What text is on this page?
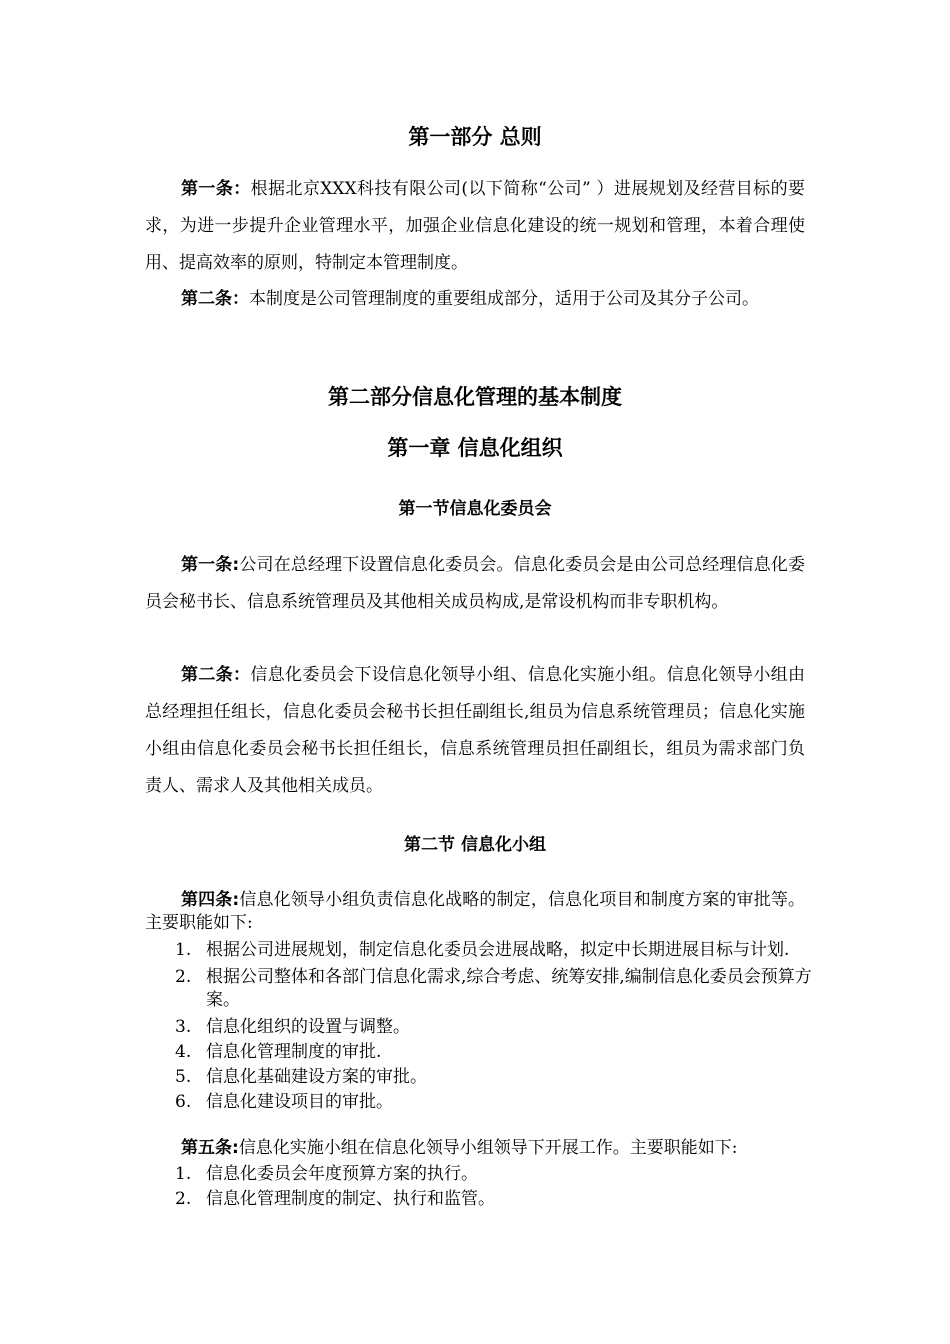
第一部分 总则

第一条：根据北京XXX科技有限公司(以下简称“公司” ）进展规划及经营目标的要求，为进一步提升企业管理水平，加强企业信息化建设的统一规划和管理，本着合理使用、提高效率的原则，特制定本管理制度。

第二条：本制度是公司管理制度的重要组成部分，适用于公司及其分子公司。

第二部分信息化管理的基本制度
第一章 信息化组织
第一节信息化委员会

第一条:公司在总经理下设置信息化委员会。信息化委员会是由公司总经理信息化委员会秘书长、信息系统管理员及其他相关成员构成,是常设机构而非专职机构。

第二条：信息化委员会下设信息化领导小组、信息化实施小组。信息化领导小组由总经理担任组长，信息化委员会秘书长担任副组长,组员为信息系统管理员；信息化实施小组由信息化委员会秘书长担任组长，信息系统管理员担任副组长，组员为需求部门负责人、需求人及其他相关成员。

第二节 信息化小组

第四条:信息化领导小组负责信息化战略的制定，信息化项目和制度方案的审批等。主要职能如下:

1. 根据公司进展规划，制定信息化委员会进展战略，拟定中长期进展目标与计划.
2. 根据公司整体和各部门信息化需求,综合考虑、统筹安排,编制信息化委员会预算方案。
3. 信息化组织的设置与调整。
4. 信息化管理制度的审批.
5. 信息化基础建设方案的审批。
6. 信息化建设项目的审批。

第五条:信息化实施小组在信息化领导小组领导下开展工作。主要职能如下:

1. 信息化委员会年度预算方案的执行。
2. 信息化管理制度的制定、执行和监管。
